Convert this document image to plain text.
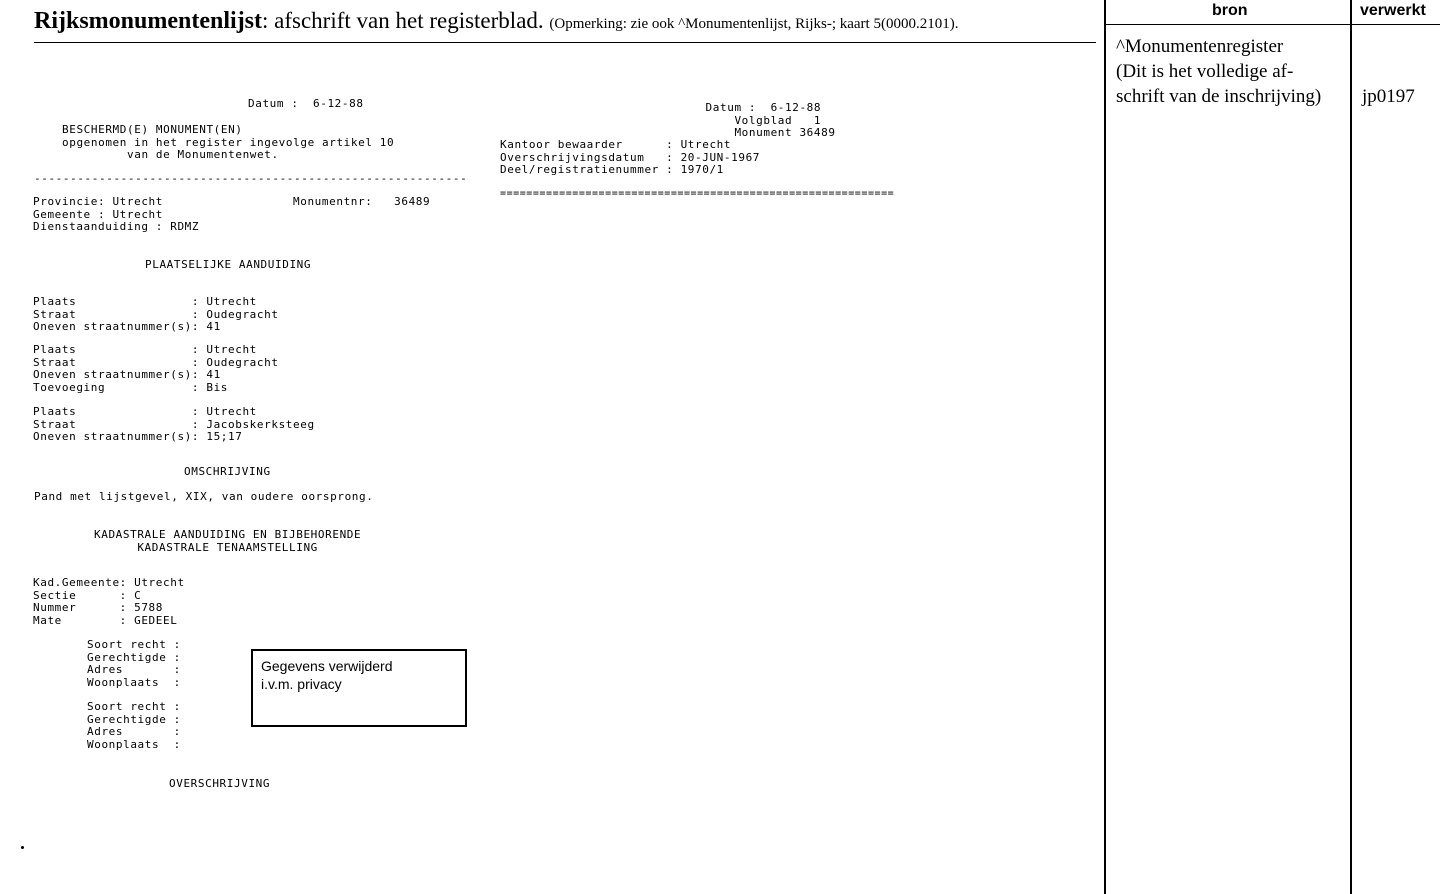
Rijksmonumentenlijst: afschrift van het registerblad. (Opmerking: zie ook ^Monumentenlijst, Rijks-; kaart 5(0000.2101).
bron	verwerkt
^Monumentenregister
(Dit is het volledige af-
schrift van de inschrijving) jp0197
Datum :  6-12-88
BESCHERMD(E) MONUMENT(EN)
opgenomen in het register ingevolge artikel 10
van de Monumentenwet.
------------------------------------------------------------
Provincie: Utrecht                  Monumentnr:   36489
Gemeente : Utrecht
Dienstaanduiding : RDMZ
PLAATSELIJKE AANDUIDING
Plaats                : Utrecht
Straat                : Oudegracht
Oneven straatnummer(s): 41
Plaats                : Utrecht
Straat                : Oudegracht
Oneven straatnummer(s): 41
Toevoeging            : Bis
Plaats                : Utrecht
Straat                : Jacobskerksteeg
Oneven straatnummer(s): 15;17
OMSCHRIJVING
Pand met lijstgevel, XIX, van oudere oorsprong.
KADASTRALE AANDUIDING EN BIJBEHORENDE
KADASTRALE TENAAMSTELLING
Kad.Gemeente: Utrecht
Sectie      : C
Nummer      : 5788
Mate        : GEDEEL
Soort recht :
Gerechtigde :
Adres       :
Woonplaats  :
Soort recht :
Gerechtigde :
Adres       :
Woonplaats  :
OVERSCHRIJVING
Datum :  6-12-88
Volgblad   1
Monument 36489
Kantoor bewaarder      : Utrecht
Overschrijvingsdatum   : 20-JUN-1967
Deel/registratienummer : 1970/1
============================================================
Gegevens verwijderd
i.v.m. privacy
